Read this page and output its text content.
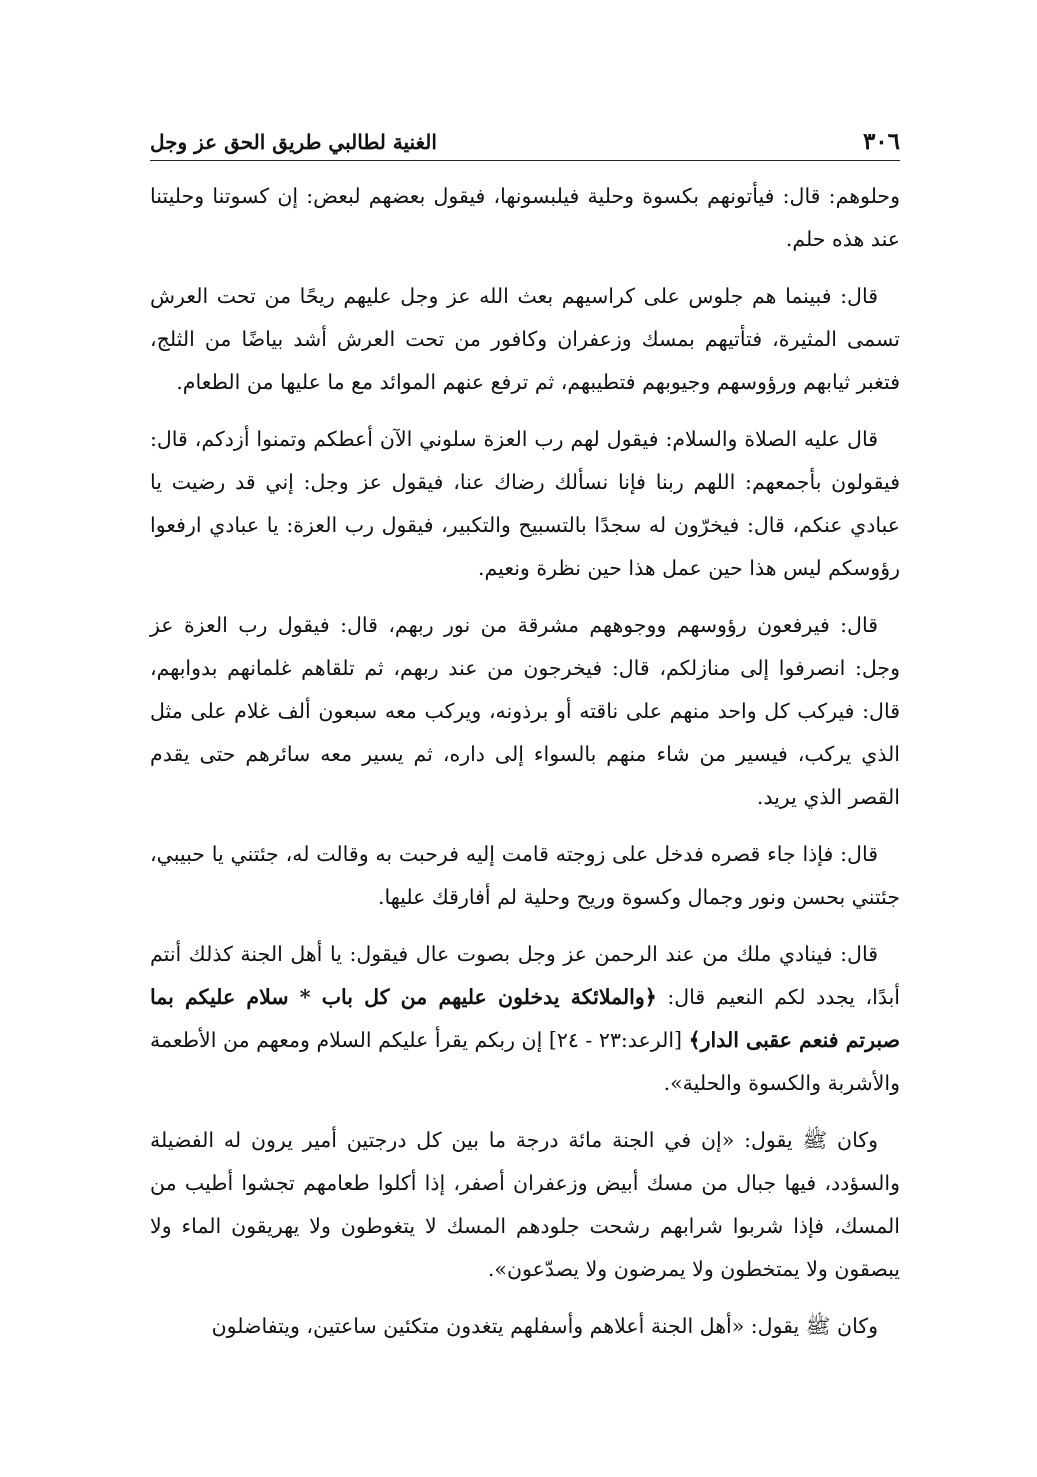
٣٠٦
الغنية لطالبي طريق الحق عز وجل

وحلوهم: قال: فيأتونهم بكسوة وحلية فيلبسونها، فيقول بعضهم لبعض: إن كسوتنا وحليتنا عند هذه حلم.

قال: فبينما هم جلوس على كراسيهم بعث الله عز وجل عليهم ريحًا من تحت العرش تسمى المثيرة، فتأتيهم بمسك وزعفران وكافور من تحت العرش أشد بياضًا من الثلج، فتغبر ثيابهم ورؤوسهم وجيوبهم فتطيبهم، ثم ترفع عنهم الموائد مع ما عليها من الطعام.

قال عليه الصلاة والسلام: فيقول لهم رب العزة سلوني الآن أعطكم وتمنوا أزدكم، قال: فيقولون بأجمعهم: اللهم ربنا فإنا نسألك رضاك عنا، فيقول عز وجل: إني قد رضيت يا عبادي عنكم، قال: فيخرّون له سجدًا بالتسبيح والتكبير، فيقول رب العزة: يا عبادي ارفعوا رؤوسكم ليس هذا حين عمل هذا حين نظرة ونعيم.

قال: فيرفعون رؤوسهم ووجوههم مشرقة من نور ربهم، قال: فيقول رب العزة عز وجل: انصرفوا إلى منازلكم، قال: فيخرجون من عند ربهم، ثم تلقاهم غلمانهم بدوابهم، قال: فيركب كل واحد منهم على ناقته أو برذونه، ويركب معه سبعون ألف غلام على مثل الذي يركب، فيسير من شاء منهم بالسواء إلى داره، ثم يسير معه سائرهم حتى يقدم القصر الذي يريد.

قال: فإذا جاء قصره فدخل على زوجته قامت إليه فرحبت به وقالت له، جئتني يا حبيبي، جئتني بحسن ونور وجمال وكسوة وريح وحلية لم أفارقك عليها.

قال: فينادي ملك من عند الرحمن عز وجل بصوت عال فيقول: يا أهل الجنة كذلك أنتم أبدًا، يجدد لكم النعيم قال: ﴿والملائكة يدخلون عليهم من كل باب * سلام عليكم بما صبرتم فنعم عقبى الدار﴾ [الرعد:٢٣ - ٢٤] إن ربكم يقرأ عليكم السلام ومعهم من الأطعمة والأشربة والكسوة والحلية».

وكان ﷺ يقول: «إن في الجنة مائة درجة ما بين كل درجتين أمير يرون له الفضيلة والسؤدد، فيها جبال من مسك أبيض وزعفران أصفر، إذا أكلوا طعامهم تجشوا أطيب من المسك، فإذا شربوا شرابهم رشحت جلودهم المسك لا يتغوطون ولا يهريقون الماء ولا يبصقون ولا يمتخطون ولا يمرضون ولا يصدّعون».

وكان ﷺ يقول: «أهل الجنة أعلاهم وأسفلهم يتغدون متكئين ساعتين، ويتفاضلون
